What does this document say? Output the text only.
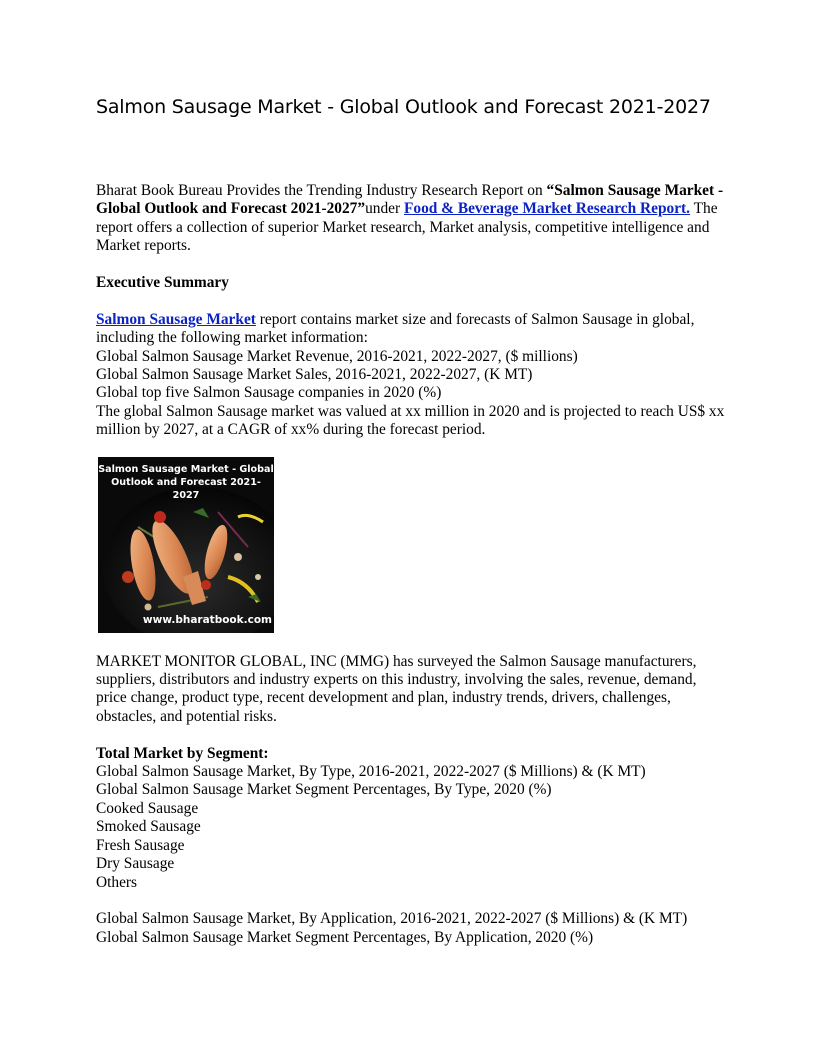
Salmon Sausage Market - Global Outlook and Forecast 2021-2027

Bharat Book Bureau Provides the Trending Industry Research Report on “Salmon Sausage Market - Global Outlook and Forecast 2021-2027”under Food & Beverage Market Research Report. The report offers a collection of superior Market research, Market analysis, competitive intelligence and Market reports.

Executive Summary

Salmon Sausage Market report contains market size and forecasts of Salmon Sausage in global, including the following market information:

Global Salmon Sausage Market Revenue, 2016-2021, 2022-2027, ($ millions)

Global Salmon Sausage Market Sales, 2016-2021, 2022-2027, (K MT)

Global top five Salmon Sausage companies in 2020 (%)

The global Salmon Sausage market was valued at xx million in 2020 and is projected to reach US$ xx million by 2027, at a CAGR of xx% during the forecast period.

Salmon Sausage Market - Global Outlook and Forecast 2021-2027
www.bharatbook.com

MARKET MONITOR GLOBAL, INC (MMG) has surveyed the Salmon Sausage manufacturers, suppliers, distributors and industry experts on this industry, involving the sales, revenue, demand, price change, product type, recent development and plan, industry trends, drivers, challenges, obstacles, and potential risks.

Total Market by Segment:

Global Salmon Sausage Market, By Type, 2016-2021, 2022-2027 ($ Millions) & (K MT)

Global Salmon Sausage Market Segment Percentages, By Type, 2020 (%)

Cooked Sausage

Smoked Sausage

Fresh Sausage

Dry Sausage

Others

Global Salmon Sausage Market, By Application, 2016-2021, 2022-2027 ($ Millions) & (K MT)

Global Salmon Sausage Market Segment Percentages, By Application, 2020 (%)
